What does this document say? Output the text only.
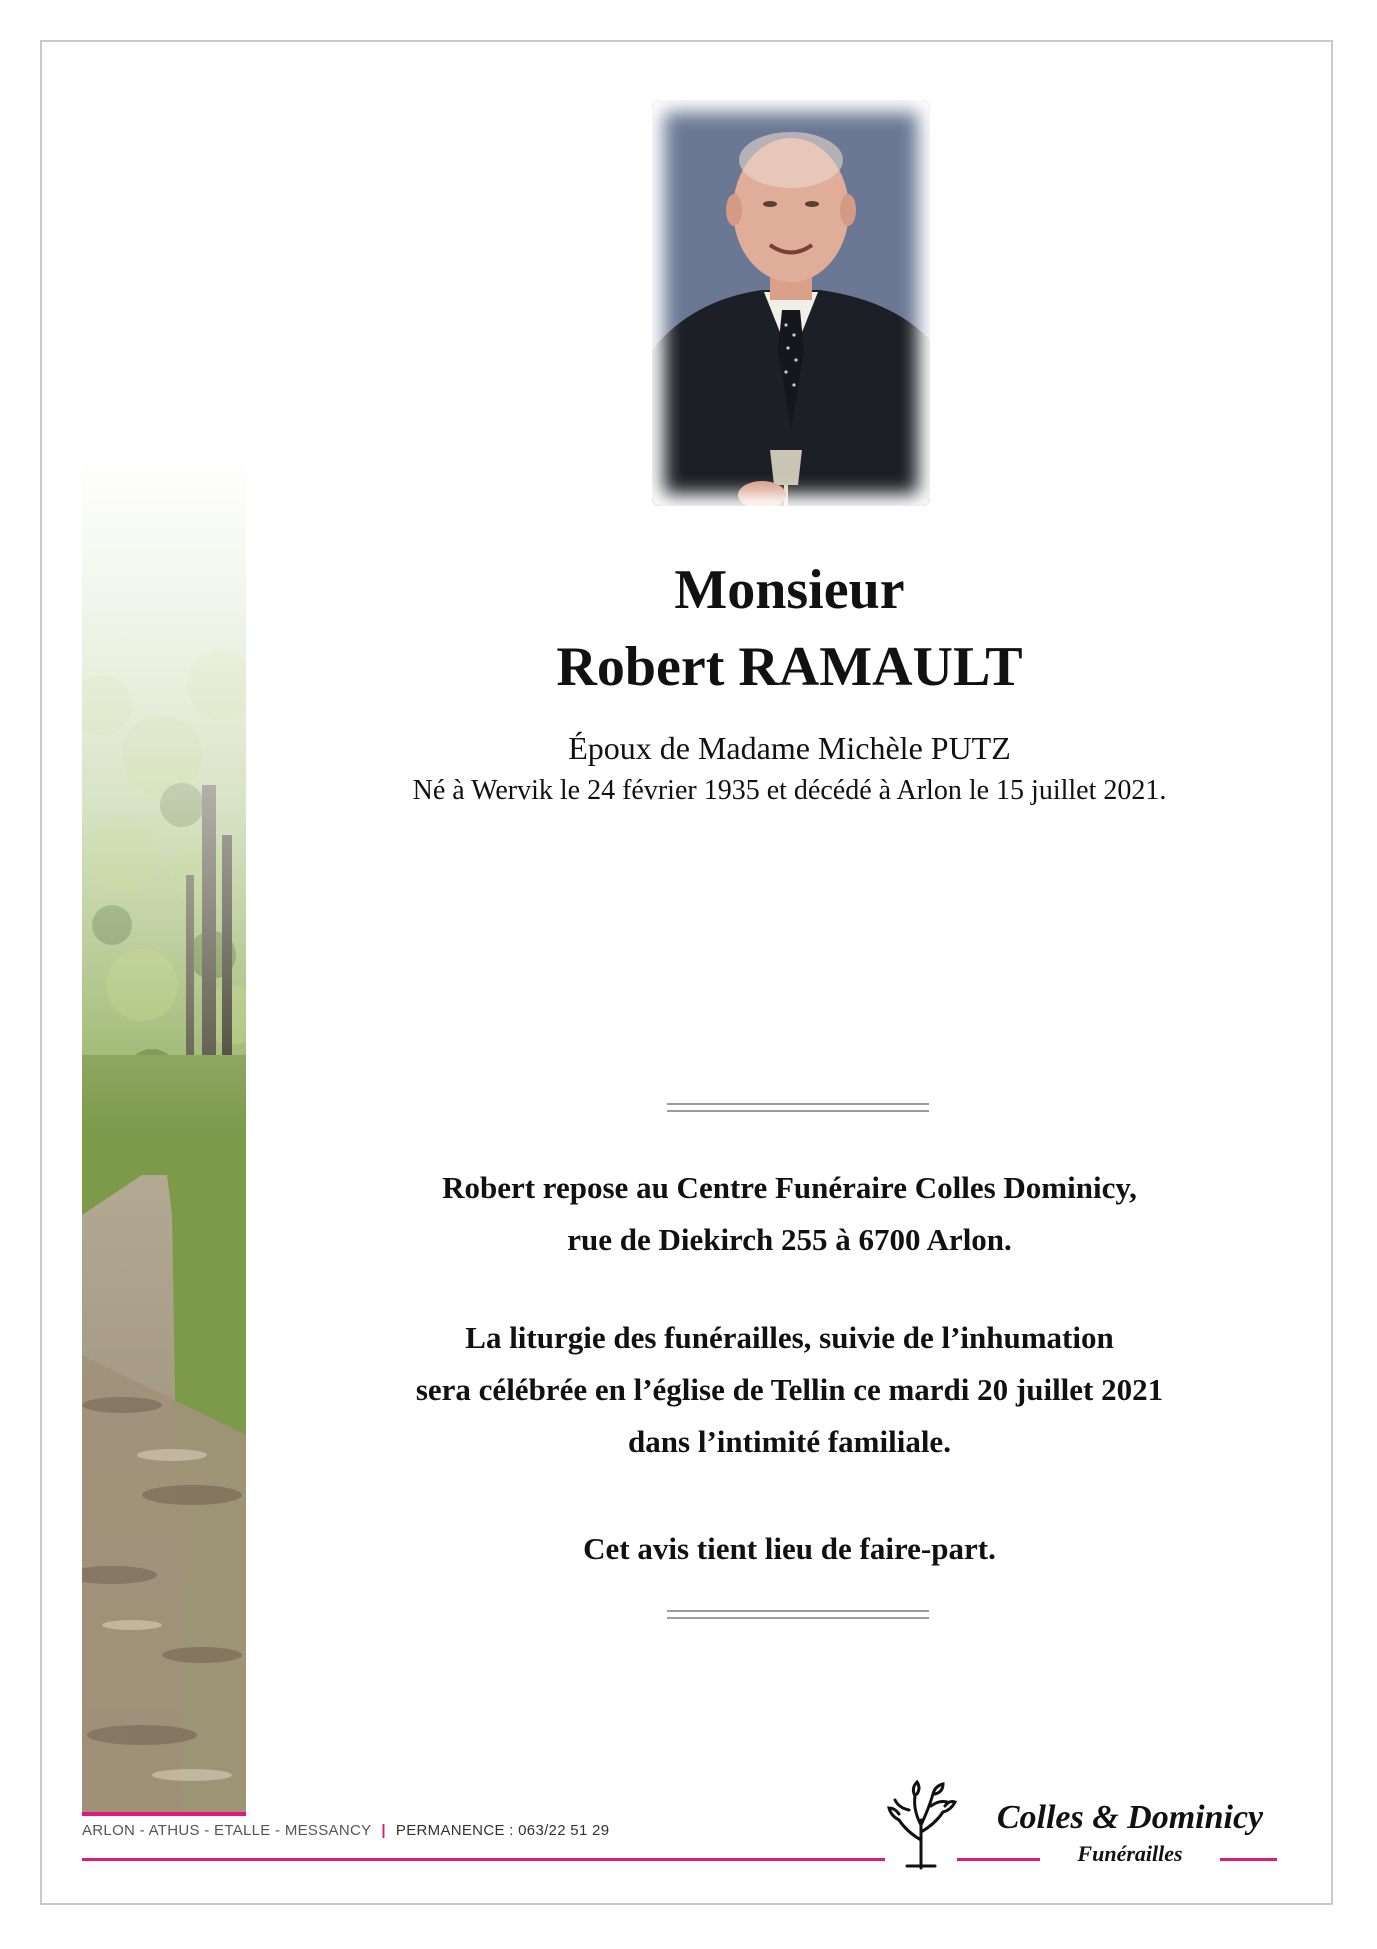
Monsieur
Robert RAMAULT
Époux de Madame Michèle PUTZ
Né à Wervik le 24 février 1935 et décédé à Arlon le 15 juillet 2021.
Robert repose au Centre Funéraire Colles Dominicy,
rue de Diekirch 255 à 6700 Arlon.
La liturgie des funérailles, suivie de l’inhumation
sera célébrée en l’église de Tellin ce mardi 20 juillet 2021
dans l’intimité familiale.
Cet avis tient lieu de faire-part.
ARLON - ATHUS - ETALLE - MESSANCY | PERMANENCE : 063/22 51 29	Colles & Dominicy
Funérailles
